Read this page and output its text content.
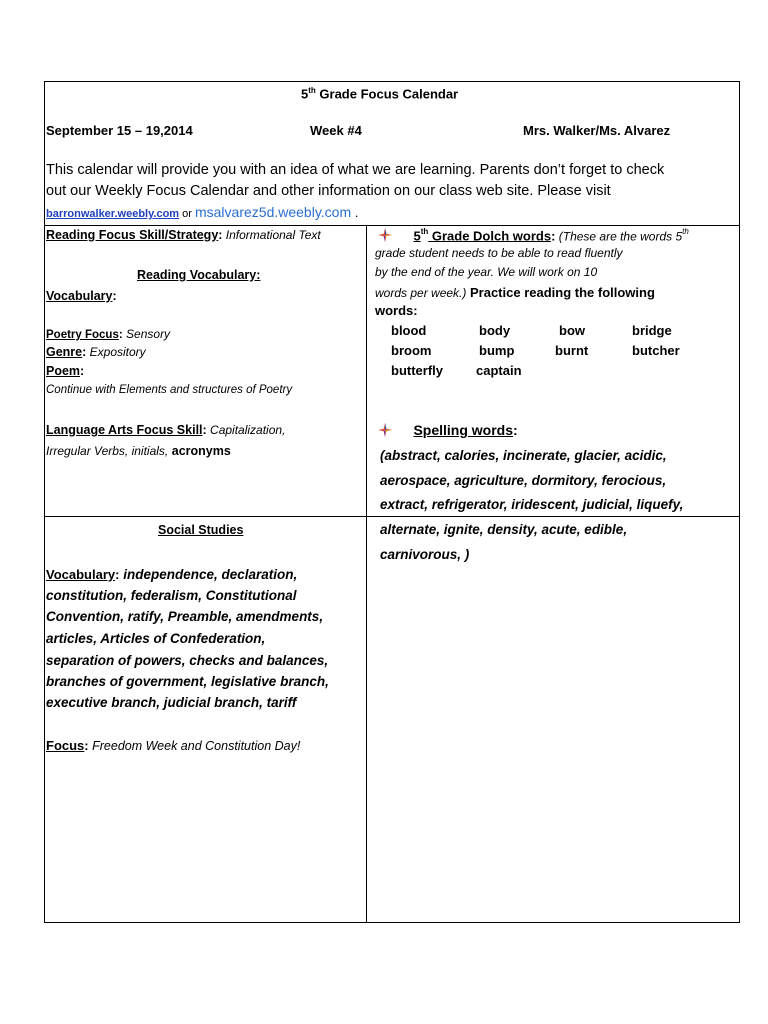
5th Grade Focus Calendar
September 15 – 19,2014	Week #4	Mrs. Walker/Ms. Alvarez
This calendar will provide you with an idea of what we are learning. Parents don’t forget to check
out our Weekly Focus Calendar and other information on our class web site. Please visit
barronwalker.weebly.com or msalvarez5d.weebly.com .
Reading Focus Skill/Strategy: Informational Text
Reading Vocabulary:
Vocabulary:
Poetry Focus: Sensory
Genre: Expository
Poem:
Continue with Elements and structures of Poetry
Language Arts Focus Skill: Capitalization,
Irregular Verbs, initials, acronyms
5th Grade Dolch words: (These are the words 5th
grade student needs to be able to read fluently
by the end of the year. We will work on 10
words per week.) Practice reading the following
words:
blood	body	bow	bridge
broom	bump	burnt	butcher
butterfly	captain
Spelling words:
(abstract, calories, incinerate, glacier, acidic,
aerospace, agriculture, dormitory, ferocious,
extract, refrigerator, iridescent, judicial, liquefy,
alternate, ignite, density, acute, edible,
carnivorous, )
Social Studies
Vocabulary: independence, declaration,
constitution, federalism, Constitutional
Convention, ratify, Preamble, amendments,
articles, Articles of Confederation,
separation of powers, checks and balances,
branches of government, legislative branch,
executive branch, judicial branch, tariff
Focus: Freedom Week and Constitution Day!
